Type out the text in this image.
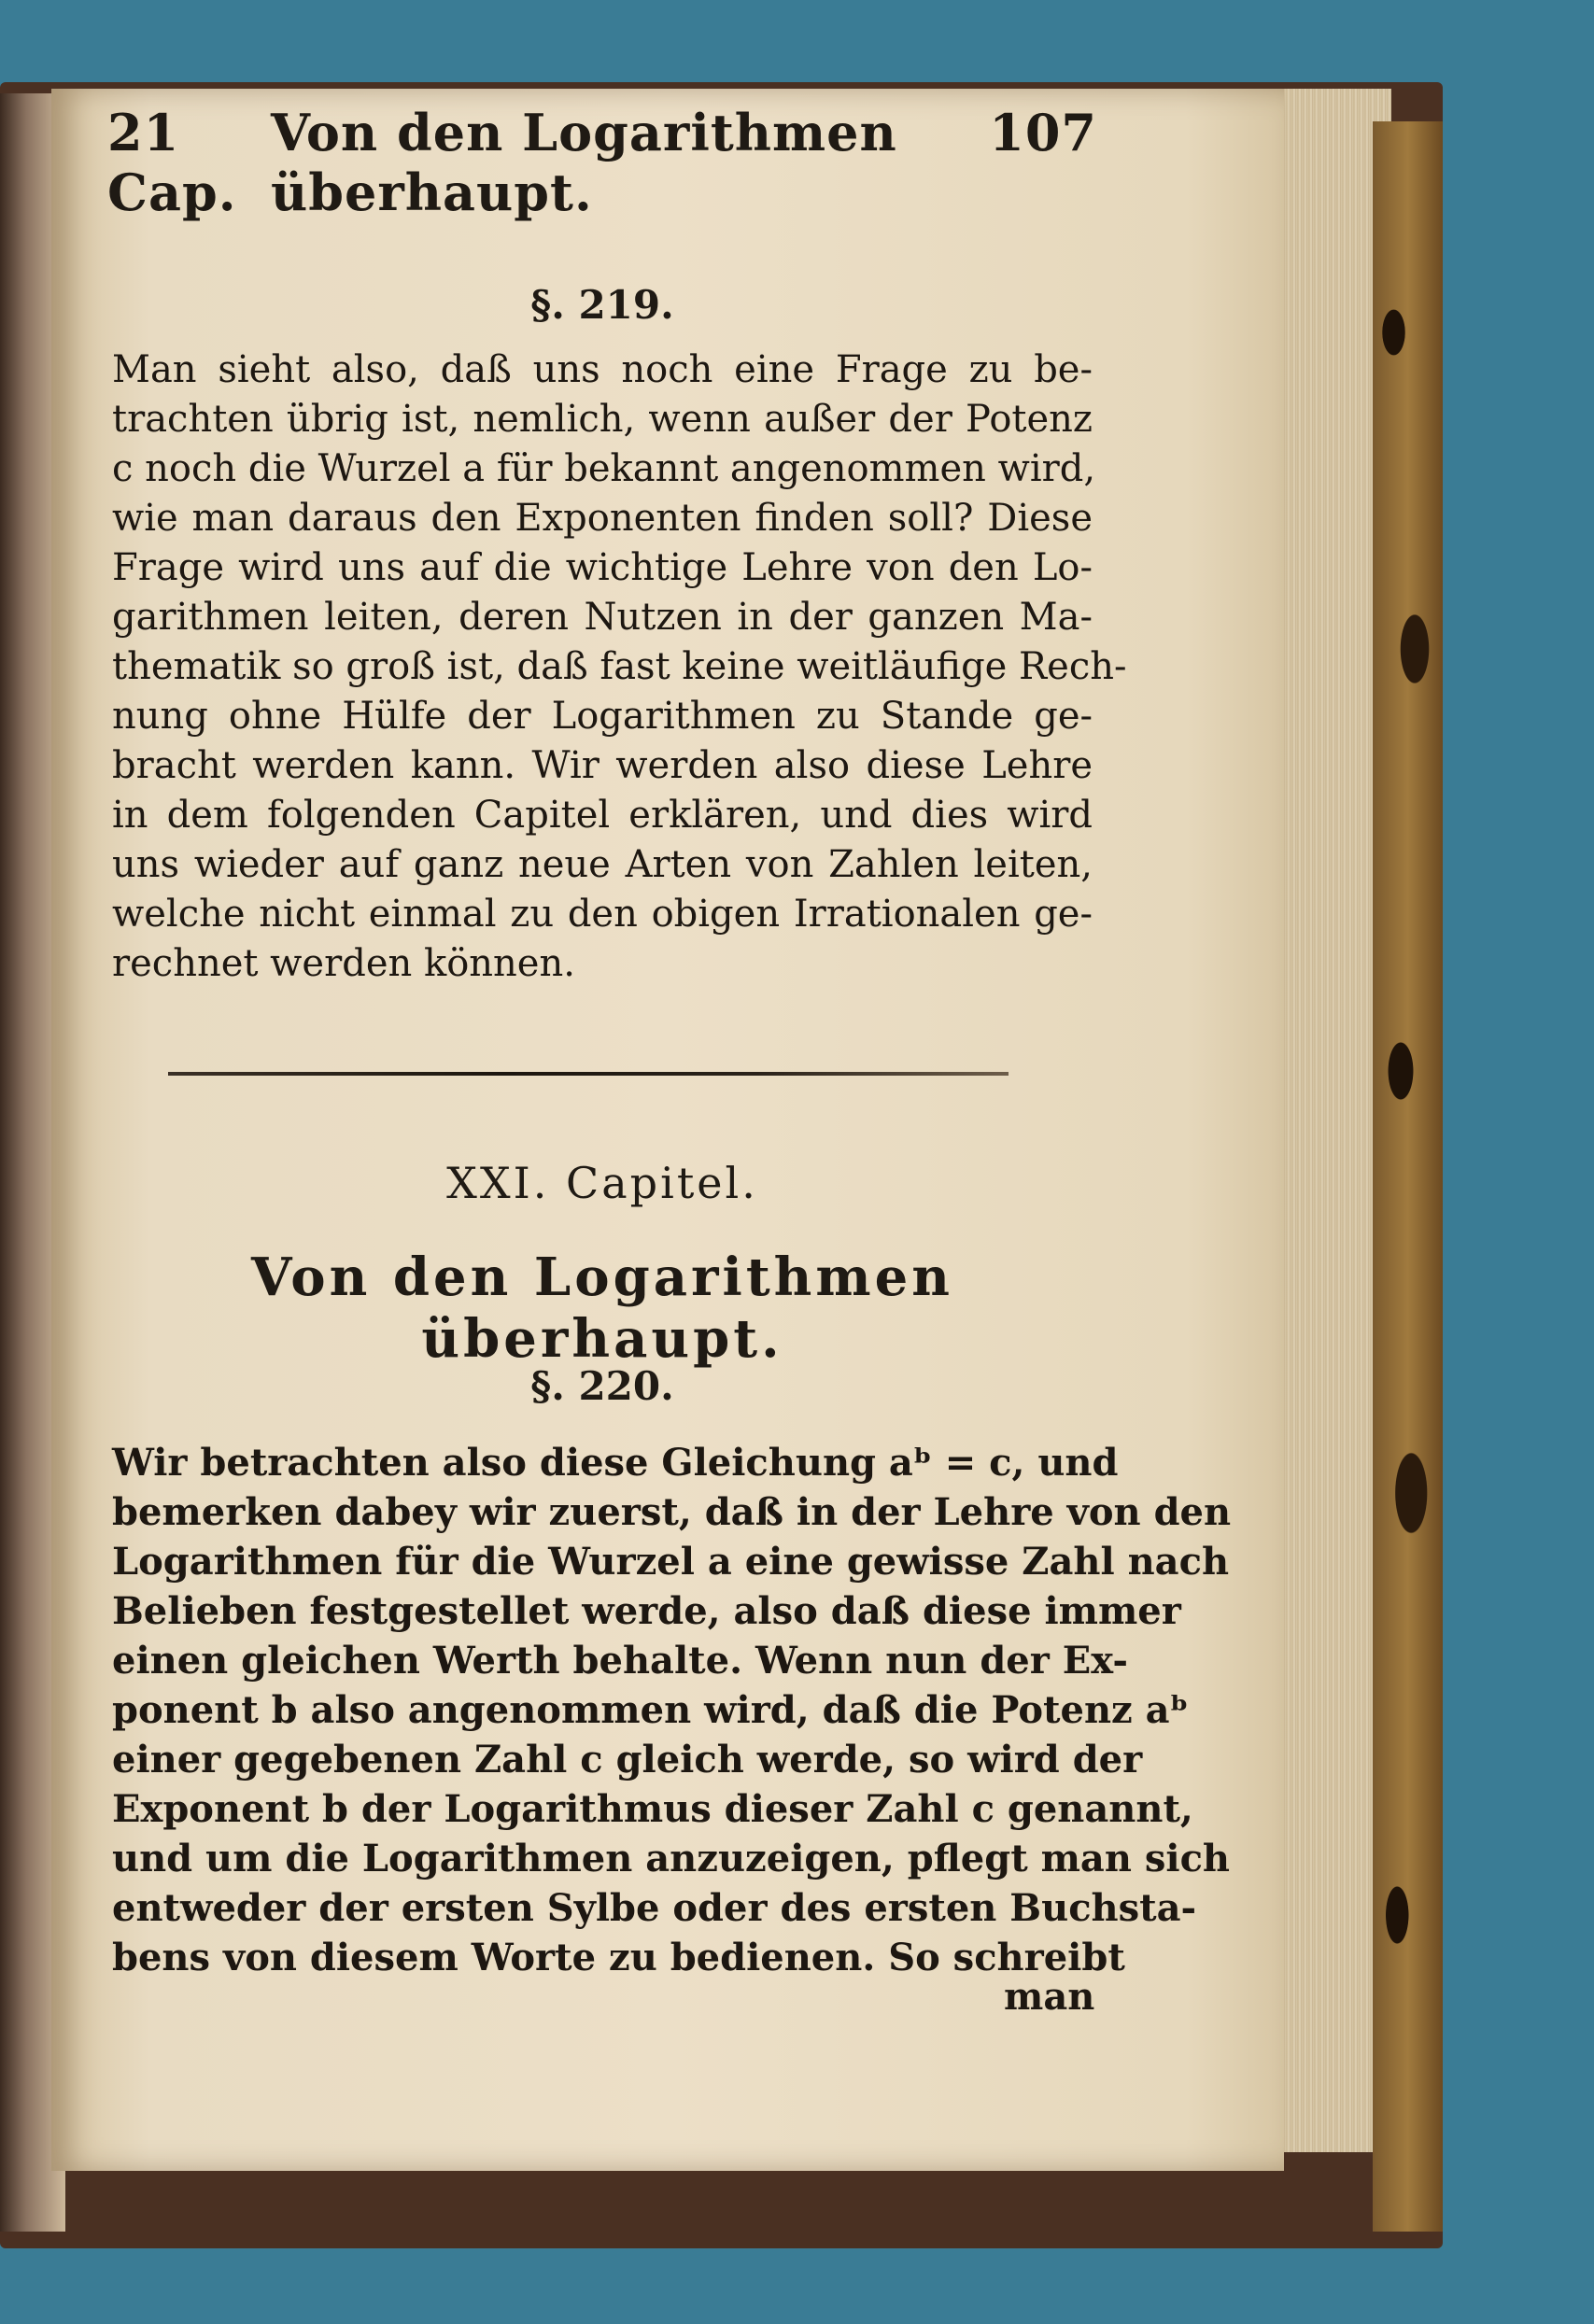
21 Cap.
Von den Logarithmen überhaupt.
107
§. 219.
Man sieht also, daß uns noch eine Frage zu be-
trachten übrig ist, nemlich, wenn außer der Potenz
c noch die Wurzel a für bekannt angenommen wird,
wie man daraus den Exponenten finden soll? Diese
Frage wird uns auf die wichtige Lehre von den Lo-
garithmen leiten, deren Nutzen in der ganzen Ma-
thematik so groß ist, daß fast keine weitläufige Rech-
nung ohne Hülfe der Logarithmen zu Stande ge-
bracht werden kann. Wir werden also diese Lehre
in dem folgenden Capitel erklären, und dies wird
uns wieder auf ganz neue Arten von Zahlen leiten,
welche nicht einmal zu den obigen Irrationalen ge-
rechnet werden können.
XXI. Capitel.
Von den Logarithmen überhaupt.
§. 220.
Wir betrachten also diese Gleichung aᵇ = c, und
bemerken dabey wir zuerst, daß in der Lehre von den
Logarithmen für die Wurzel a eine gewisse Zahl nach
Belieben festgestellet werde, also daß diese immer
einen gleichen Werth behalte. Wenn nun der Ex-
ponent b also angenommen wird, daß die Potenz aᵇ
einer gegebenen Zahl c gleich werde, so wird der
Exponent b der Logarithmus dieser Zahl c genannt,
und um die Logarithmen anzuzeigen, pflegt man sich
entweder der ersten Sylbe oder des ersten Buchsta-
bens von diesem Worte zu bedienen. So schreibt
man
